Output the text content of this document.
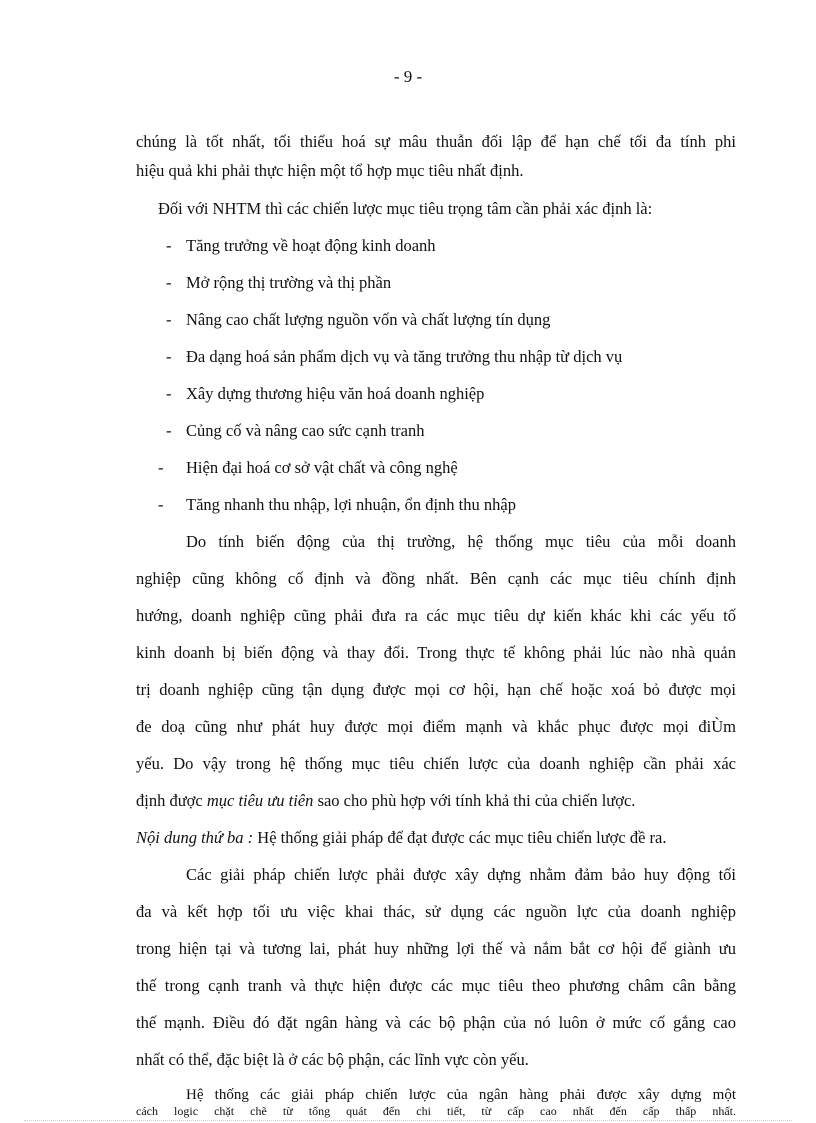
- 9 -
chúng là tốt nhất, tối thiểu hoá sự mâu thuẫn đối lập để hạn chế tối đa tính phi
hiệu quả khi phải thực hiện một tổ hợp mục tiêu nhất định.
Đối với NHTM thì các chiến lược mục tiêu trọng tâm cần phải xác định là:
- Tăng trưởng về hoạt động kinh doanh
- Mở rộng thị trường và thị phần
- Nâng cao chất lượng nguồn vốn và chất lượng tín dụng
- Đa dạng hoá sản phẩm dịch vụ và tăng trưởng thu nhập từ dịch vụ
- Xây dựng thương hiệu văn hoá doanh nghiệp
- Củng cố và nâng cao sức cạnh tranh
- Hiện đại hoá cơ sở vật chất và công nghệ
- Tăng nhanh thu nhập, lợi nhuận, ổn định thu nhập
Do tính biến động của thị trường, hệ thống mục tiêu của mỗi doanh
nghiệp cũng không cố định và đồng nhất. Bên cạnh các mục tiêu chính định
hướng, doanh nghiệp cũng phải đưa ra các mục tiêu dự kiến khác khi các yếu tố
kinh doanh bị biến động và thay đổi. Trong thực tế không phải lúc nào nhà quản
trị doanh nghiệp cũng tận dụng được mọi cơ hội, hạn chế hoặc xoá bỏ được mọi
đe doạ cũng như phát huy được mọi điểm mạnh và khắc phục được mọi điÙm
yếu. Do vậy trong hệ thống mục tiêu chiến lược của doanh nghiệp cần phải xác
định được mục tiêu ưu tiên sao cho phù hợp với tính khả thi của chiến lược.
Nội dung thứ ba : Hệ thống giải pháp để đạt được các mục tiêu chiến lược đề ra.
Các giải pháp chiến lược phải được xây dựng nhằm đảm bảo huy động tối
đa và kết hợp tối ưu việc khai thác, sử dụng các nguồn lực của doanh nghiệp
trong hiện tại và tương lai, phát huy những lợi thế và nắm bắt cơ hội để giành ưu
thế trong cạnh tranh và thực hiện được các mục tiêu theo phương châm cân bằng
thế mạnh. Điều đó đặt ngân hàng và các bộ phận của nó luôn ở mức cố gắng cao
nhất có thể, đặc biệt là ở các bộ phận, các lĩnh vực còn yếu.
Hệ thống các giải pháp chiến lược của ngân hàng phải được xây dựng một
cách logic chặt chẽ từ tổng quát đến chi tiết, từ cấp cao nhất đến cấp thấp nhất.
